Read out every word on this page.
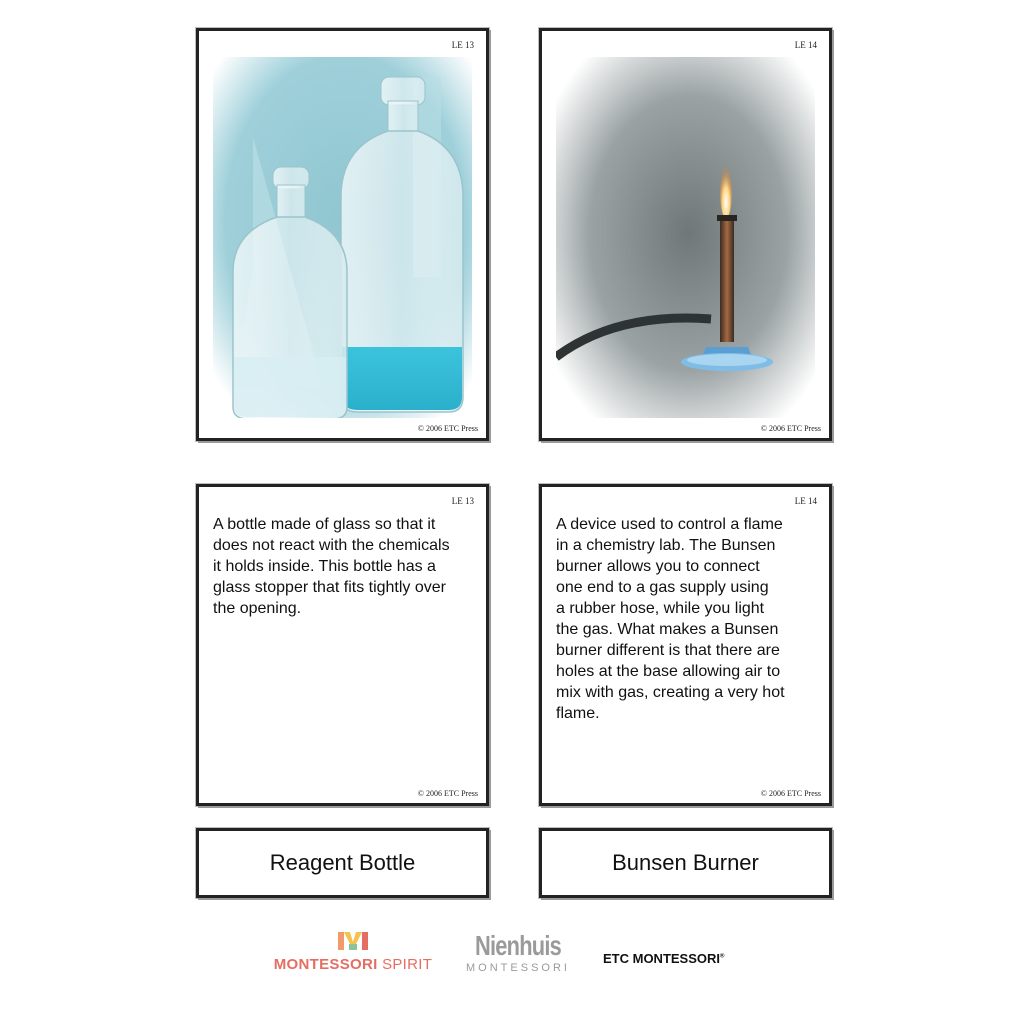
LE 13
© 2006 ETC Press
LE 14
© 2006 ETC Press
LE 13
A bottle made of glass so that it
does not react with the chemicals
it holds inside. This bottle has a
glass stopper that fits tightly over
the opening.
© 2006 ETC Press
LE 14
A device used to control a flame
in a chemistry lab. The Bunsen
burner allows you to connect
one end to a gas supply using
a rubber hose, while you light
the gas. What makes a Bunsen
burner different is that there are
holes at the base allowing air to
mix with gas, creating a very hot
flame.
© 2006 ETC Press
Reagent Bottle	Bunsen Burner
MONTESSORI SPIRIT
Nienhuis
MONTESSORI
ETC MONTESSORI®
